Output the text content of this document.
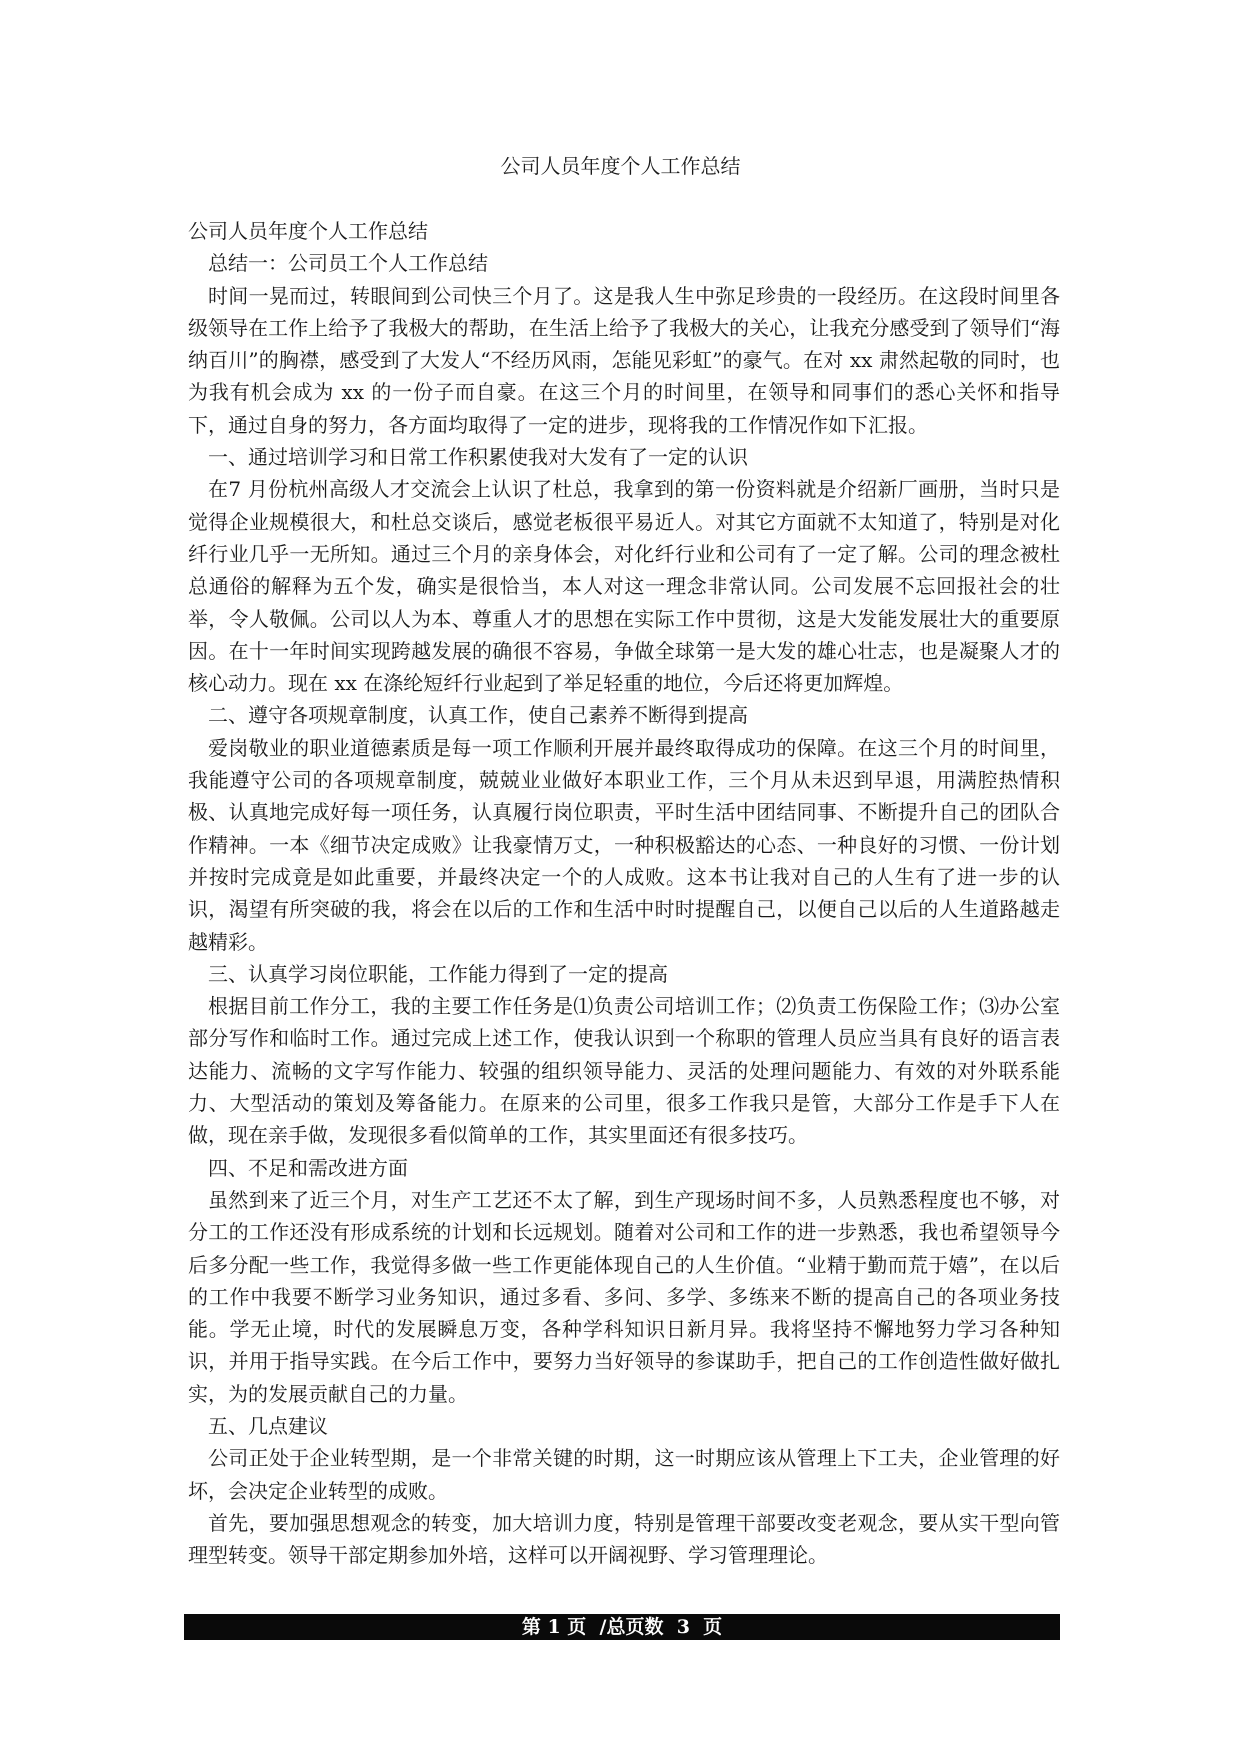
公司人员年度个人工作总结

公司人员年度个人工作总结

总结一：公司员工个人工作总结

时间一晃而过，转眼间到公司快三个月了。这是我人生中弥足珍贵的一段经历。在这段时间里各级领导在工作上给予了我极大的帮助，在生活上给予了我极大的关心，让我充分感受到了领导们“海纳百川”的胸襟，感受到了大发人“不经历风雨，怎能见彩虹”的豪气。在对 xx 肃然起敬的同时，也为我有机会成为 xx 的一份子而自豪。在这三个月的时间里，在领导和同事们的悉心关怀和指导下，通过自身的努力，各方面均取得了一定的进步，现将我的工作情况作如下汇报。

一、通过培训学习和日常工作积累使我对大发有了一定的认识

在7 月份杭州高级人才交流会上认识了杜总，我拿到的第一份资料就是介绍新厂画册，当时只是觉得企业规模很大，和杜总交谈后，感觉老板很平易近人。对其它方面就不太知道了，特别是对化纤行业几乎一无所知。通过三个月的亲身体会，对化纤行业和公司有了一定了解。公司的理念被杜总通俗的解释为五个发，确实是很恰当，本人对这一理念非常认同。公司发展不忘回报社会的壮举，令人敬佩。公司以人为本、尊重人才的思想在实际工作中贯彻，这是大发能发展壮大的重要原因。在十一年时间实现跨越发展的确很不容易，争做全球第一是大发的雄心壮志，也是凝聚人才的核心动力。现在 xx 在涤纶短纤行业起到了举足轻重的地位，今后还将更加辉煌。

二、遵守各项规章制度，认真工作，使自己素养不断得到提高

爱岗敬业的职业道德素质是每一项工作顺利开展并最终取得成功的保障。在这三个月的时间里，我能遵守公司的各项规章制度，兢兢业业做好本职业工作，三个月从未迟到早退，用满腔热情积极、认真地完成好每一项任务，认真履行岗位职责，平时生活中团结同事、不断提升自己的团队合作精神。一本《细节决定成败》让我豪情万丈，一种积极豁达的心态、一种良好的习惯、一份计划并按时完成竟是如此重要，并最终决定一个的人成败。这本书让我对自己的人生有了进一步的认识，渴望有所突破的我，将会在以后的工作和生活中时时提醒自己，以便自己以后的人生道路越走越精彩。

三、认真学习岗位职能，工作能力得到了一定的提高

根据目前工作分工，我的主要工作任务是⑴负责公司培训工作；⑵负责工伤保险工作；⑶办公室部分写作和临时工作。通过完成上述工作，使我认识到一个称职的管理人员应当具有良好的语言表达能力、流畅的文字写作能力、较强的组织领导能力、灵活的处理问题能力、有效的对外联系能力、大型活动的策划及筹备能力。在原来的公司里，很多工作我只是管，大部分工作是手下人在做，现在亲手做，发现很多看似简单的工作，其实里面还有很多技巧。

四、不足和需改进方面

虽然到来了近三个月，对生产工艺还不太了解，到生产现场时间不多，人员熟悉程度也不够，对分工的工作还没有形成系统的计划和长远规划。随着对公司和工作的进一步熟悉，我也希望领导今后多分配一些工作，我觉得多做一些工作更能体现自己的人生价值。“业精于勤而荒于嬉”，在以后的工作中我要不断学习业务知识，通过多看、多问、多学、多练来不断的提高自己的各项业务技能。学无止境，时代的发展瞬息万变，各种学科知识日新月异。我将坚持不懈地努力学习各种知识，并用于指导实践。在今后工作中，要努力当好领导的参谋助手，把自己的工作创造性做好做扎实，为的发展贡献自己的力量。

五、几点建议

公司正处于企业转型期，是一个非常关键的时期，这一时期应该从管理上下工夫，企业管理的好坏，会决定企业转型的成败。

首先，要加强思想观念的转变，加大培训力度，特别是管理干部要改变老观念，要从实干型向管理型转变。领导干部定期参加外培，这样可以开阔视野、学习管理理论。

第 1 页  /总页数  3  页
